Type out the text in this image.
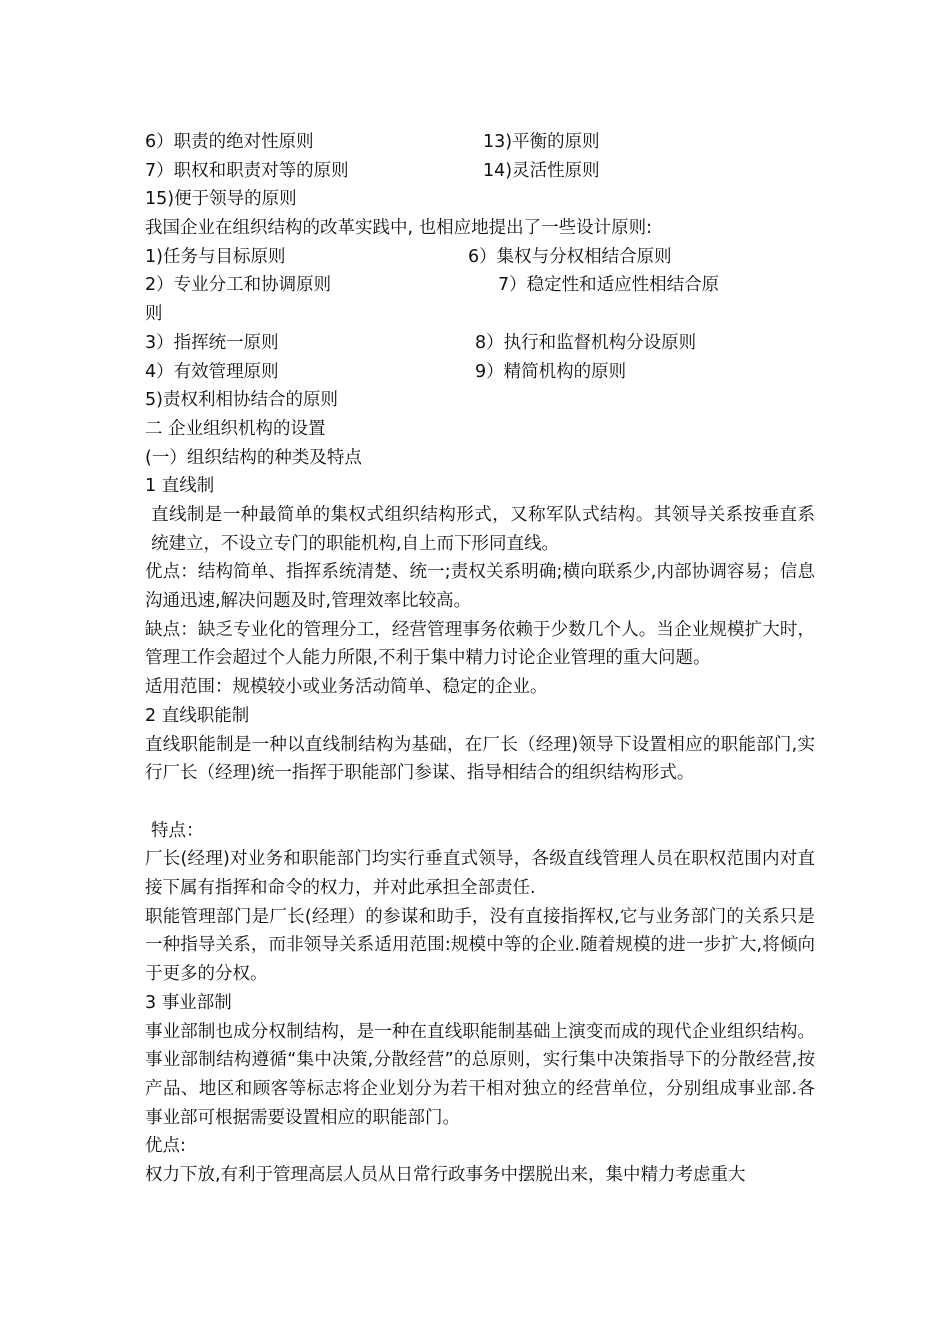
6）职责的绝对性原则	13)平衡的原则
7）职权和职责对等的原则	14)灵活性原则
15)便于领导的原则
我国企业在组织结构的改革实践中, 也相应地提出了一些设计原则:
1)任务与目标原则	6）集权与分权相结合原则
2）专业分工和协调原则	7）稳定性和适应性相结合原
则
3）指挥统一原则	8）执行和监督机构分设原则
4）有效管理原则	9）精简机构的原则
5)责权利相协结合的原则
二 企业组织机构的设置
(一）组织结构的种类及特点
1 直线制
直线制是一种最简单的集权式组织结构形式，又称军队式结构。其领导关系按垂直系统建立，不设立专门的职能机构,自上而下形同直线。
优点：结构简单、指挥系统清楚、统一;责权关系明确;横向联系少,内部协调容易；信息沟通迅速,解决问题及时,管理效率比较高。
缺点：缺乏专业化的管理分工，经营管理事务依赖于少数几个人。当企业规模扩大时，管理工作会超过个人能力所限,不利于集中精力讨论企业管理的重大问题。
适用范围：规模较小或业务活动简单、稳定的企业。
2 直线职能制
直线职能制是一种以直线制结构为基础，在厂长（经理)领导下设置相应的职能部门,实行厂长（经理)统一指挥于职能部门参谋、指导相结合的组织结构形式。
特点：
厂长(经理)对业务和职能部门均实行垂直式领导，各级直线管理人员在职权范围内对直接下属有指挥和命令的权力，并对此承担全部责任.
职能管理部门是厂长(经理）的参谋和助手，没有直接指挥权,它与业务部门的关系只是一种指导关系，而非领导关系适用范围:规模中等的企业.随着规模的进一步扩大,将倾向于更多的分权。
3 事业部制
事业部制也成分权制结构，是一种在直线职能制基础上演变而成的现代企业组织结构。事业部制结构遵循“集中决策,分散经营”的总原则，实行集中决策指导下的分散经营,按产品、地区和顾客等标志将企业划分为若干相对独立的经营单位，分别组成事业部.各事业部可根据需要设置相应的职能部门。
优点:
权力下放,有利于管理高层人员从日常行政事务中摆脱出来，集中精力考虑重大
